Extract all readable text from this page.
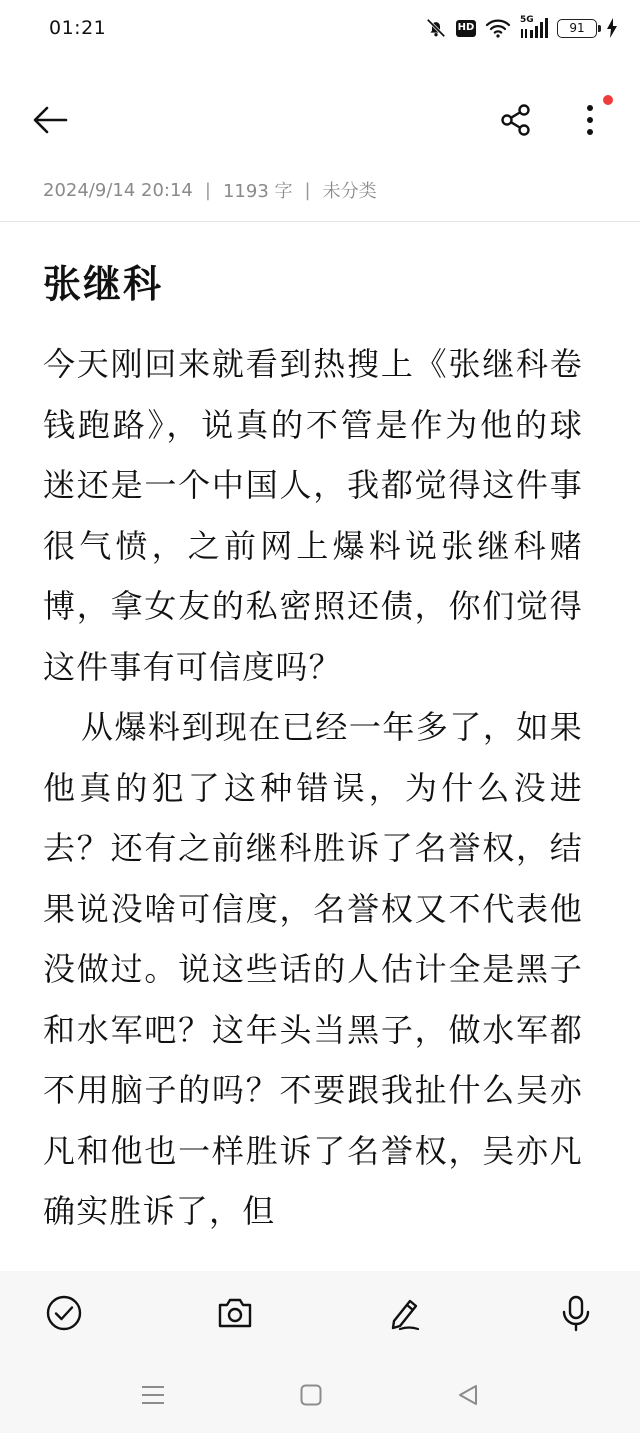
01:21	HD
5G
91
2024/9/14 20:14 | 1193 字 | 未分类
张继科

今天刚回来就看到热搜上《张继科卷钱跑路》，说真的不管是作为他的球迷还是一个中国人，我都觉得这件事很气愤，之前网上爆料说张继科赌博，拿女友的私密照还债，你们觉得这件事有可信度吗？

从爆料到现在已经一年多了，如果他真的犯了这种错误，为什么没进去？还有之前继科胜诉了名誉权，结果说没啥可信度，名誉权又不代表他没做过。说这些话的人估计全是黑子和水军吧？这年头当黑子，做水军都不用脑子的吗？不要跟我扯什么吴亦凡和他也一样胜诉了名誉权，吴亦凡确实胜诉了，但
